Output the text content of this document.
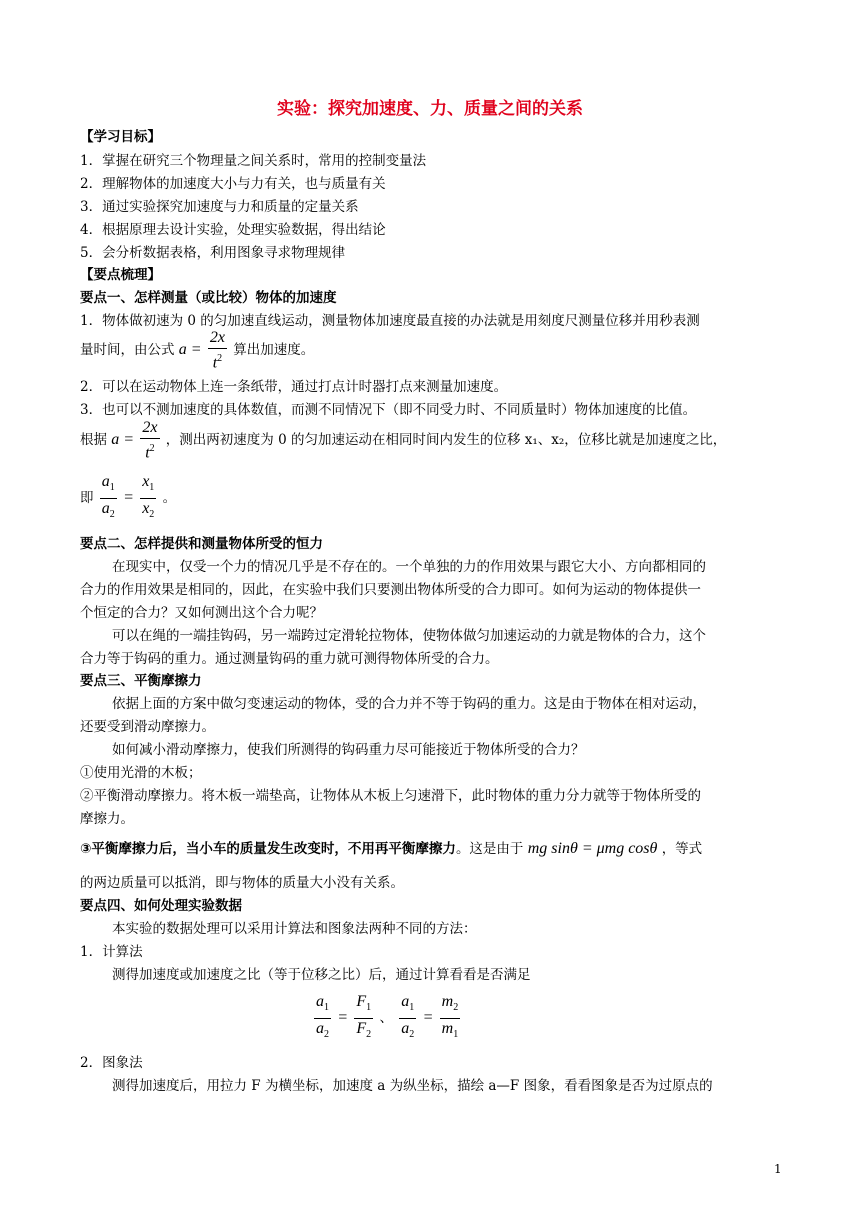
实验：探究加速度、力、质量之间的关系
【学习目标】
1．掌握在研究三个物理量之间关系时，常用的控制变量法
2．理解物体的加速度大小与力有关，也与质量有关
3．通过实验探究加速度与力和质量的定量关系
4．根据原理去设计实验，处理实验数据，得出结论
5．会分析数据表格，利用图象寻求物理规律
【要点梳理】
要点一、怎样测量（或比较）物体的加速度
1．物体做初速为 0 的匀加速直线运动，测量物体加速度最直接的办法就是用刻度尺测量位移并用秒表测
量时间，由公式 $a = \frac{2x}{t^2}$ 算出加速度。
2．可以在运动物体上连一条纸带，通过打点计时器打点来测量加速度。
3．也可以不测加速度的具体数值，而测不同情况下（即不同受力时、不同质量时）物体加速度的比值。
根据 $a = \frac{2x}{t^2}$ ，测出两初速度为 0 的匀加速运动在相同时间内发生的位移 x₁、x₂，位移比就是加速度之比，
即 $\frac{a_1}{a_2} = \frac{x_1}{x_2}$ 。
要点二、怎样提供和测量物体所受的恒力
在现实中，仅受一个力的情况几乎是不存在的。一个单独的力的作用效果与跟它大小、方向都相同的
合力的作用效果是相同的，因此，在实验中我们只要测出物体所受的合力即可。如何为运动的物体提供一
个恒定的合力？又如何测出这个合力呢？
可以在绳的一端挂钩码，另一端跨过定滑轮拉物体，使物体做匀加速运动的力就是物体的合力，这个
合力等于钩码的重力。通过测量钩码的重力就可测得物体所受的合力。
要点三、平衡摩擦力
依据上面的方案中做匀变速运动的物体，受的合力并不等于钩码的重力。这是由于物体在相对运动，
还要受到滑动摩擦力。
如何减小滑动摩擦力，使我们所测得的钩码重力尽可能接近于物体所受的合力？
①使用光滑的木板；
②平衡滑动摩擦力。将木板一端垫高，让物体从木板上匀速滑下，此时物体的重力分力就等于物体所受的
摩擦力。
③平衡摩擦力后，当小车的质量发生改变时，不用再平衡摩擦力。这是由于 mg sinθ = μmg cosθ ，等式
的两边质量可以抵消，即与物体的质量大小没有关系。
要点四、如何处理实验数据
本实验的数据处理可以采用计算法和图象法两种不同的方法：
1．计算法
测得加速度或加速度之比（等于位移之比）后，通过计算看看是否满足
$\frac{a_1}{a_2} = \frac{F_1}{F_2}$ 、 $\frac{a_1}{a_2} = \frac{m_2}{m_1}$
2．图象法
测得加速度后，用拉力 F 为横坐标，加速度 a 为纵坐标，描绘 a—F 图象，看看图象是否为过原点的
1
